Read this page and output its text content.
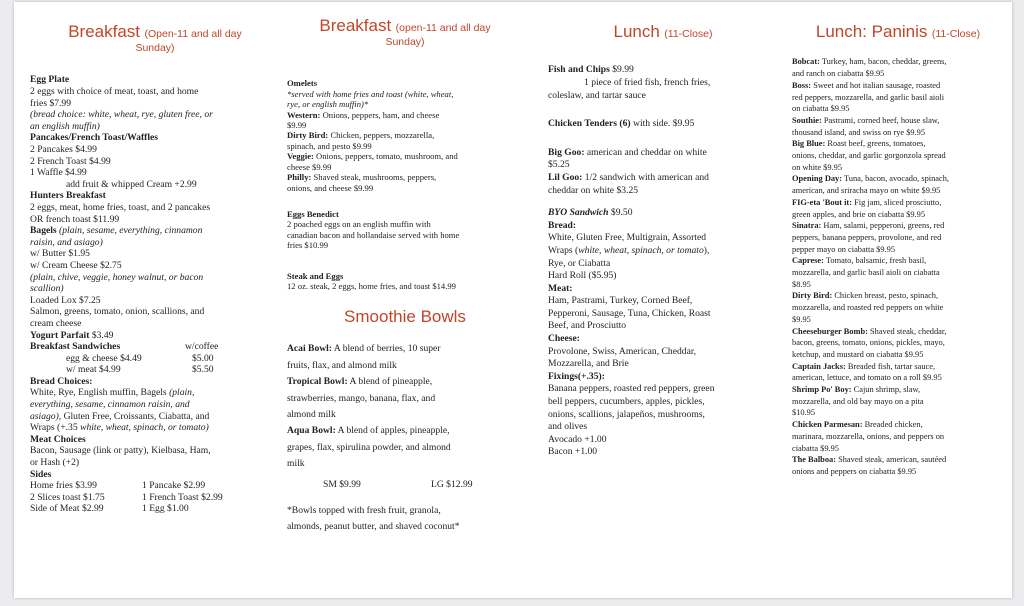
Breakfast (Open-11 and all day
Sunday)
Egg Plate
2 eggs with choice of meat, toast, and home
fries $7.99
(bread choice: white, wheat, rye, gluten free, or
an english muffin)
Pancakes/French Toast/Waffles
2 Pancakes $4.99
2 French Toast $4.99
1 Waffle $4.99
add fruit & whipped Cream +2.99
Hunters Breakfast
2 eggs, meat, home fries, toast, and 2 pancakes
OR french toast $11.99
Bagels (plain, sesame, everything, cinnamon
raisin, and asiago)
w/ Butter $1.95
w/ Cream Cheese $2.75
(plain, chive, veggie, honey walnut, or bacon
scallion)
Loaded Lox $7.25
Salmon, greens, tomato, onion, scallions, and
cream cheese
Yogurt Parfait $3.49
Breakfast Sandwiches	w/coffee
egg & cheese $4.49	$5.00
w/ meat $4.99	$5.50
Bread Choices:
White, Rye, English muffin, Bagels (plain,
everything, sesame, cinnamon raisin, and
asiago), Gluten Free, Croissants, Ciabatta, and
Wraps (+.35 white, wheat, spinach, or tomato)
Meat Choices
Bacon, Sausage (link or patty), Kielbasa, Ham,
or Hash (+2)
Sides
Home fries $3.99	1 Pancake $2.99
2 Slices toast $1.75	1 French Toast $2.99
Side of Meat $2.99	1 Egg $1.00
Breakfast (open-11 and all day
Sunday)
Omelets
*served with home fries and toast (white, wheat,
rye, or english muffin)*
Western: Onions, peppers, ham, and cheese
$9.99
Dirty Bird: Chicken, peppers, mozzarella,
spinach, and pesto $9.99
Veggie: Onions, peppers, tomato, mushroom, and
cheese $9.99
Philly: Shaved steak, mushrooms, peppers,
onions, and cheese $9.99
Eggs Benedict
2 poached eggs on an english muffin with
canadian bacon and hollandaise served with home
fries $10.99
Steak and Eggs
12 oz. steak, 2 eggs, home fries, and toast $14.99
Smoothie Bowls
Acai Bowl: A blend of berries, 10 super
fruits, flax, and almond milk
Tropical Bowl: A blend of pineapple,
strawberries, mango, banana, flax, and
almond milk
Aqua Bowl: A blend of apples, pineapple,
grapes, flax, spirulina powder, and almond
milk
SM $9.99	LG $12.99
*Bowls topped with fresh fruit, granola,
almonds, peanut butter, and shaved coconut*
Lunch (11-Close)
Fish and Chips $9.99
1 piece of fried fish, french fries,
coleslaw, and tartar sauce
Chicken Tenders (6) with side. $9.95
Big Goo: american and cheddar on white
$5.25
Lil Goo: 1/2 sandwich with american and
cheddar on white $3.25
BYO Sandwich $9.50
Bread:
White, Gluten Free, Multigrain, Assorted
Wraps (white, wheat, spinach, or tomato),
Rye, or Ciabatta
Hard Roll ($5.95)
Meat:
Ham, Pastrami, Turkey, Corned Beef,
Pepperoni, Sausage, Tuna, Chicken, Roast
Beef, and Prosciutto
Cheese:
Provolone, Swiss, American, Cheddar,
Mozzarella, and Brie
Fixings(+.35):
Banana peppers, roasted red peppers, green
bell peppers, cucumbers, apples, pickles,
onions, scallions, jalapeños, mushrooms,
and olives
Avocado +1.00
Bacon +1.00
Lunch: Paninis (11-Close)
Bobcat: Turkey, ham, bacon, cheddar, greens,
and ranch on ciabatta $9.95
Boss: Sweet and hot italian sausage, roasted
red peppers, mozzarella, and garlic basil aioli
on ciabatta $9.95
Southie: Pastrami, corned beef, house slaw,
thousand island, and swiss on rye $9.95
Big Blue: Roast beef, greens, tomatoes,
onions, cheddar, and garlic gorgonzola spread
on white $9.95
Opening Day: Tuna, bacon, avocado, spinach,
american, and sriracha mayo on white $9.95
FIG-eta 'Bout it: Fig jam, sliced prosciutto,
green apples, and brie on ciabatta $9.95
Sinatra: Ham, salami, pepperoni, greens, red
peppers, banana peppers, provolone, and red
pepper mayo on ciabatta $9.95
Caprese: Tomato, balsamic, fresh basil,
mozzarella, and garlic basil aioli on ciabatta
$8.95
Dirty Bird: Chicken breast, pesto, spinach,
mozzarella, and roasted red peppers on white
$9.95
Cheeseburger Bomb: Shaved steak, cheddar,
bacon, greens, tomato, onions, pickles, mayo,
ketchup, and mustard on ciabatta $9.95
Captain Jacks: Breaded fish, tartar sauce,
american, lettuce, and tomato on a roll $9.95
Shrimp Po' Boy: Cajun shrimp, slaw,
mozzarella, and old bay mayo on a pita
$10.95
Chicken Parmesan: Breaded chicken,
marinara, mozzarella, onions, and peppers on
ciabatta $9.95
The Balboa: Shaved steak, american, sautéed
onions and peppers on ciabatta $9.95
